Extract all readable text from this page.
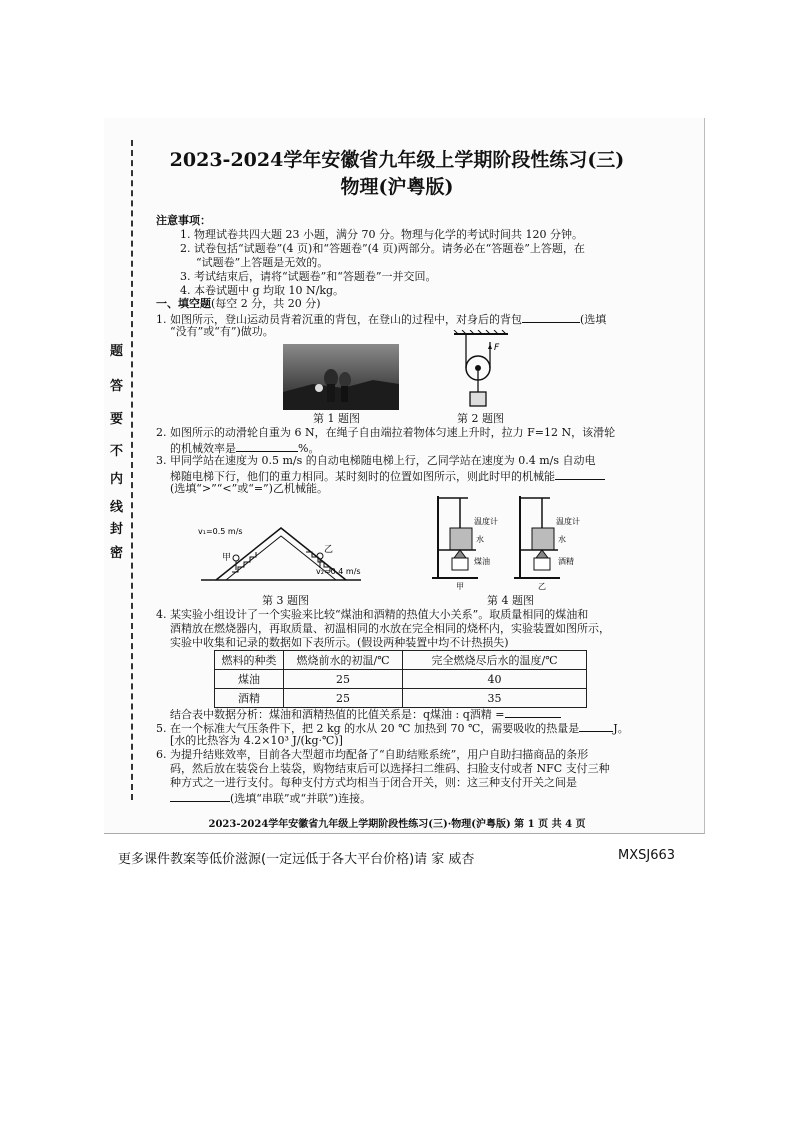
题
答
要
不
内
线
封
密
2023-2024学年安徽省九年级上学期阶段性练习(三)
物理(沪粤版)
注意事项：
1. 物理试卷共四大题 23 小题，满分 70 分。物理与化学的考试时间共 120 分钟。
2. 试卷包括“试题卷”(4 页)和“答题卷”(4 页)两部分。请务必在“答题卷”上答题，在
“试题卷”上答题是无效的。
3. 考试结束后，请将“试题卷”和“答题卷”一并交回。
4. 本卷试题中 g 均取 10 N/kg。
一、填空题(每空 2 分，共 20 分)
1. 如图所示，登山运动员背着沉重的背包，在登山的过程中，对身后的背包	(选填
“没有”或“有”)做功。
第 1 题图
F
第 2 题图
2. 如图所示的动滑轮自重为 6 N，在绳子自由端拉着物体匀速上升时，拉力 F=12 N，该滑轮
的机械效率是	%。
3. 甲同学站在速度为 0.5 m/s 的自动电梯随电梯上行，乙同学站在速度为 0.4 m/s 自动电
梯随电梯下行，他们的重力相同。某时刻时的位置如图所示，则此时甲的机械能
(选填“>”“<”或“=”)乙机械能。
v₁=0.5 m/s
甲
乙
v₂=0.4 m/s
第 3 题图
温度计
水
煤油
温度计
水
酒精
甲	乙
第 4 题图
4. 某实验小组设计了一个实验来比较“煤油和酒精的热值大小关系”。取质量相同的煤油和
酒精放在燃烧器内，再取质量、初温相同的水放在完全相同的烧杯内，实验装置如图所示，
实验中收集和记录的数据如下表所示。(假设两种装置中均不计热损失)
燃料的种类	燃烧前水的初温/℃	完全燃烧尽后水的温度/℃
煤油	25	40
酒精	25	35
结合表中数据分析：煤油和酒精热值的比值关系是：q煤油 : q酒精 =
5. 在一个标准大气压条件下，把 2 kg 的水从 20 ℃ 加热到 70 ℃，需要吸收的热量是	J。
[水的比热容为 4.2×10³ J/(kg·℃)]
6. 为提升结账效率，目前各大型超市均配备了“自助结账系统”，用户自助扫描商品的条形
码，然后放在装袋台上装袋，购物结束后可以选择扫二维码、扫脸支付或者 NFC 支付三种
种方式之一进行支付。每种支付方式均相当于闭合开关，则：这三种支付开关之间是
(选填“串联”或“并联”)连接。
2023-2024学年安徽省九年级上学期阶段性练习(三)·物理(沪粤版) 第 1 页 共 4 页
更多课件教案等低价滋源(一定远低于各大平台价格)请 家 威杏	MXSJ663
